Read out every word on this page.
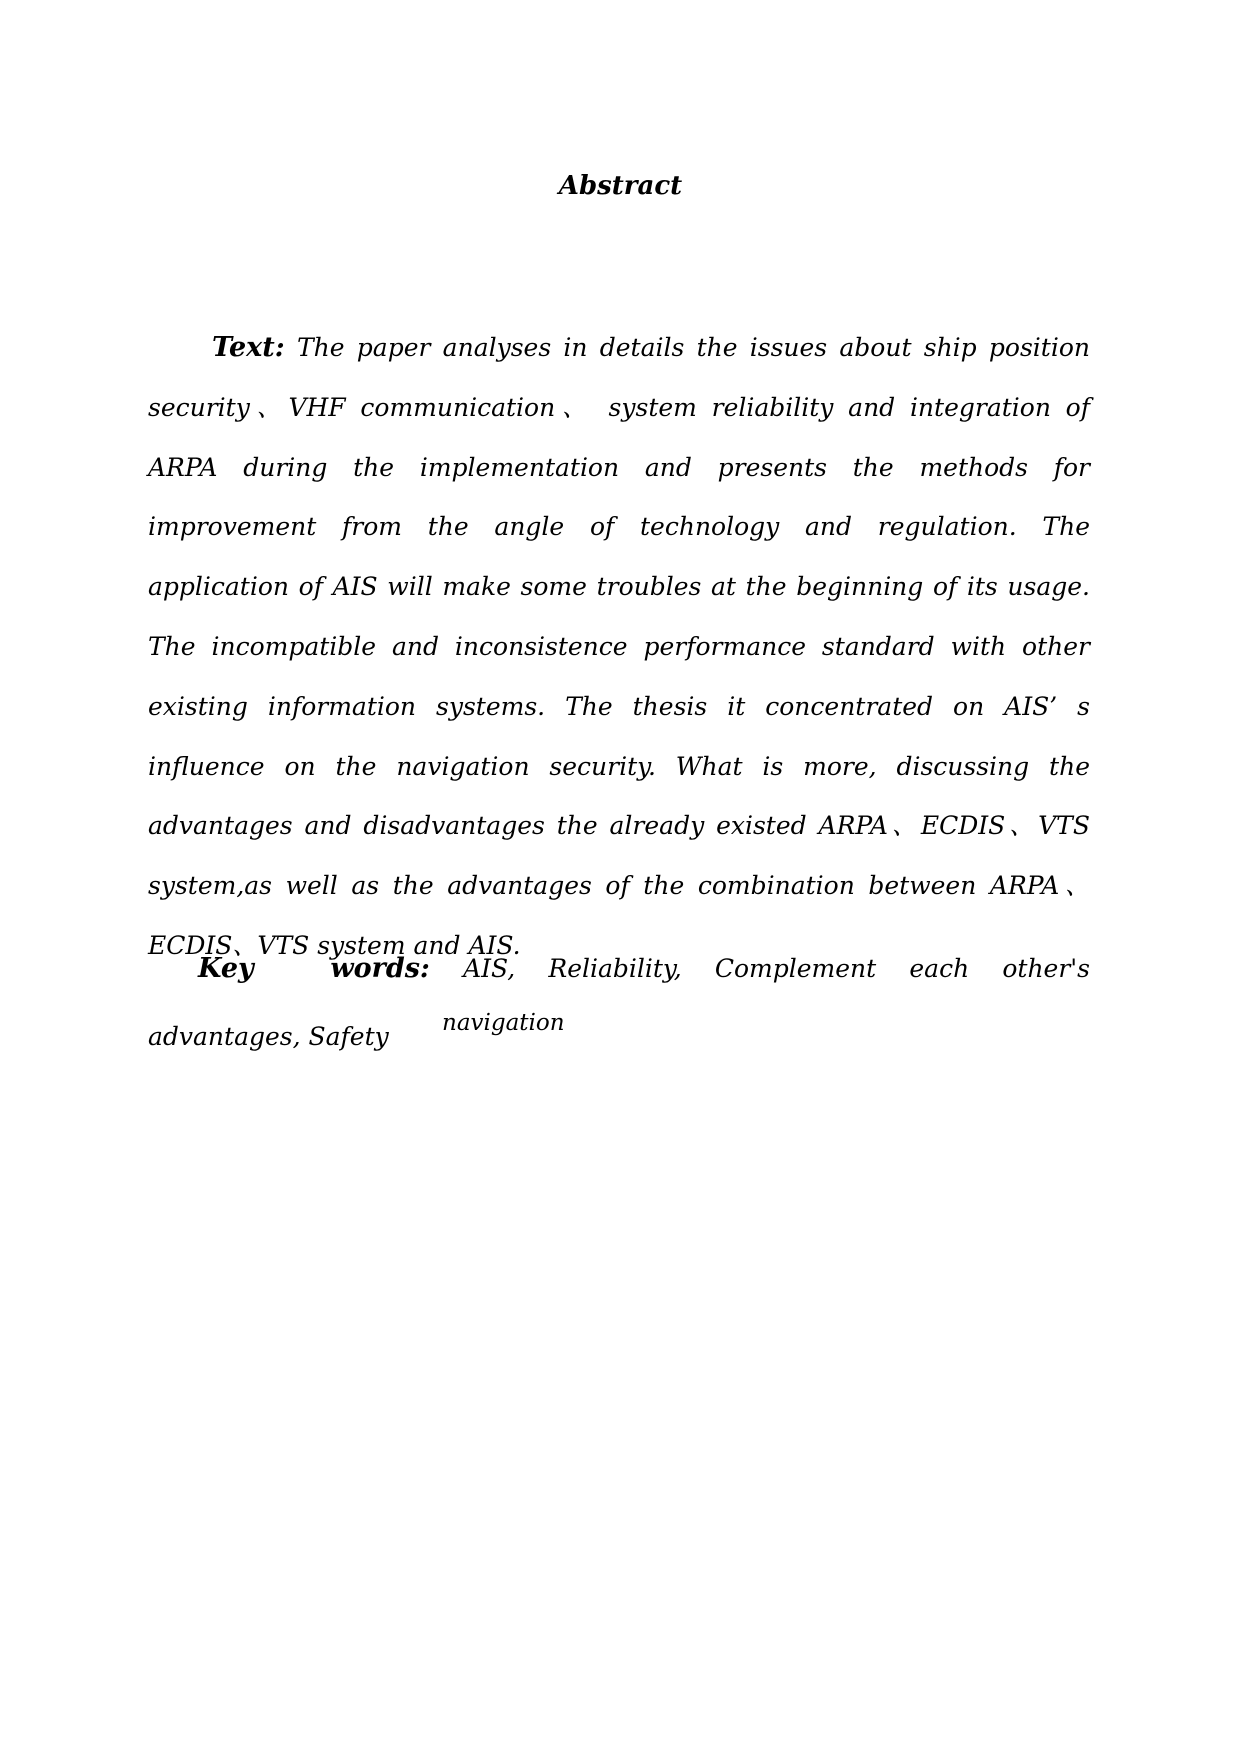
Abstract

Text: The paper analyses in details the issues about ship position security、VHF communication、 system reliability and integration of ARPA during the implementation and presents the methods for improvement from the angle of technology and regulation. The application of AIS will make some troubles at the beginning of its usage. The incompatible and inconsistence performance standard with other existing information systems. The thesis it concentrated on AIS’ s influence on the navigation security. What is more, discussing the advantages and disadvantages the already existed ARPA、ECDIS、VTS system,as well as the advantages of the combination between ARPA、ECDIS、VTS system and AIS.

Key words: AIS, Reliability, Complement each other's advantages, Safety	navigation
